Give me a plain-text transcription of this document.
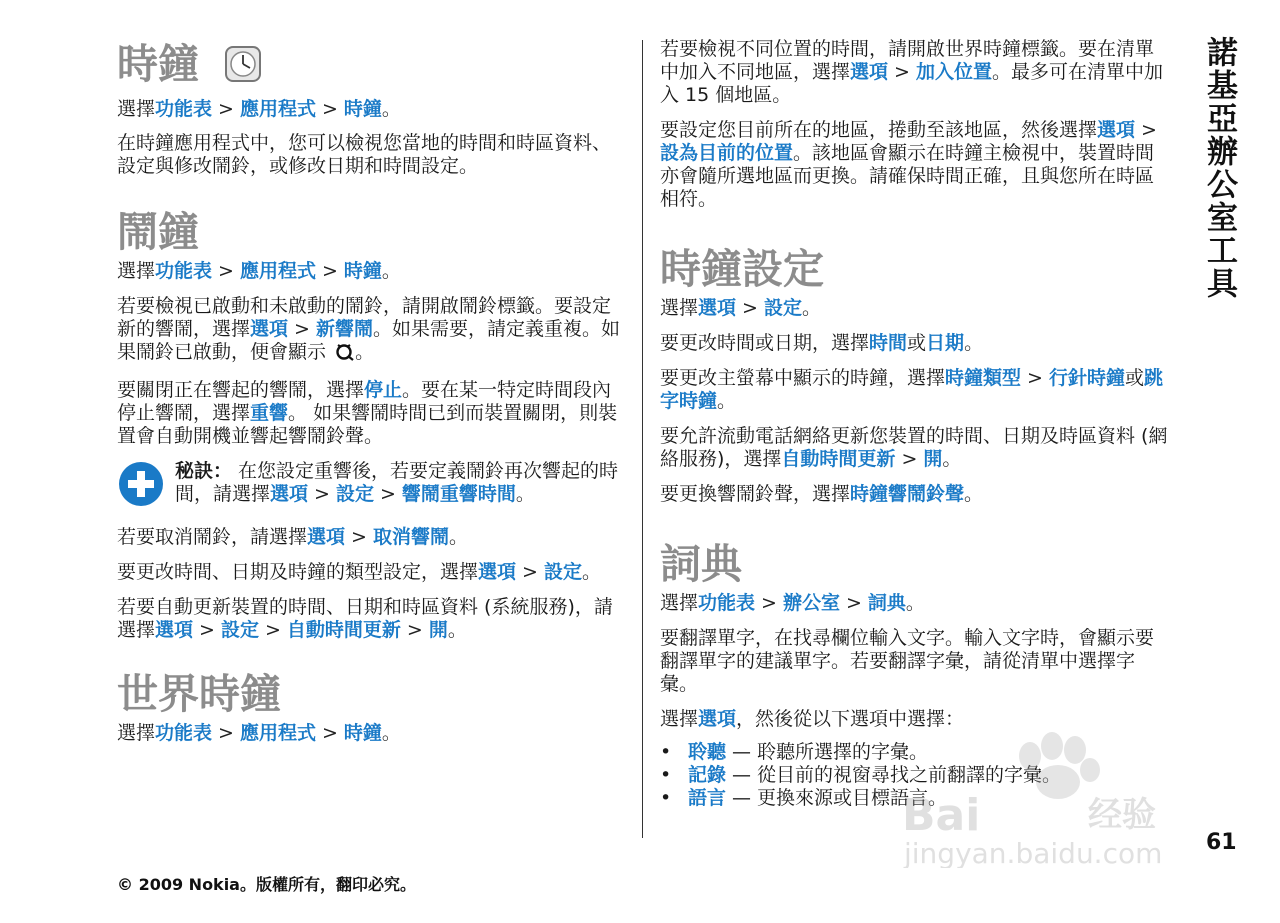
時鐘

選擇功能表 > 應用程式 > 時鐘。

在時鐘應用程式中，您可以檢視您當地的時間和時區資料、設定與修改鬧鈴，或修改日期和時間設定。

鬧鐘

選擇功能表 > 應用程式 > 時鐘。

若要檢視已啟動和未啟動的鬧鈴，請開啟鬧鈴標籤。要設定新的響鬧，選擇選項 > 新響鬧。如果需要，請定義重複。如果鬧鈴已啟動，便會顯示 。

要關閉正在響起的響鬧，選擇停止。要在某一特定時間段內停止響鬧，選擇重響。 如果響鬧時間已到而裝置關閉，則裝置會自動開機並響起響鬧鈴聲。

秘訣： 在您設定重響後，若要定義鬧鈴再次響起的時間，請選擇選項 > 設定 > 響鬧重響時間。

若要取消鬧鈴，請選擇選項 > 取消響鬧。

要更改時間、日期及時鐘的類型設定，選擇選項 > 設定。

若要自動更新裝置的時間、日期和時區資料 (系統服務)，請選擇選項 > 設定 > 自動時間更新 > 開。

世界時鐘

選擇功能表 > 應用程式 > 時鐘。

若要檢視不同位置的時間，請開啟世界時鐘標籤。要在清單中加入不同地區，選擇選項 > 加入位置。最多可在清單中加入 15 個地區。

要設定您目前所在的地區，捲動至該地區，然後選擇選項 >設為目前的位置。該地區會顯示在時鐘主檢視中，裝置時間亦會隨所選地區而更換。請確保時間正確，且與您所在時區相符。

時鐘設定

選擇選項 > 設定。

要更改時間或日期，選擇時間或日期。

要更改主螢幕中顯示的時鐘，選擇時鐘類型 > 行針時鐘或跳字時鐘。

要允許流動電話網絡更新您裝置的時間、日期及時區資料 (網絡服務)，選擇自動時間更新 > 開。

要更換響鬧鈴聲，選擇時鐘響鬧鈴聲。

詞典

選擇功能表 > 辦公室 > 詞典。

要翻譯單字，在找尋欄位輸入文字。輸入文字時，會顯示要翻譯單字的建議單字。若要翻譯字彙，請從清單中選擇字彙。

選擇選項，然後從以下選項中選擇：

• 聆聽 — 聆聽所選擇的字彙。
• 記錄 — 從目前的視窗尋找之前翻譯的字彙。
• 語言 — 更換來源或目標語言。
諾基亞辦公室工具
61
© 2009 Nokia。版權所有，翻印必究。
Bai	经验
jingyan.baidu.com
